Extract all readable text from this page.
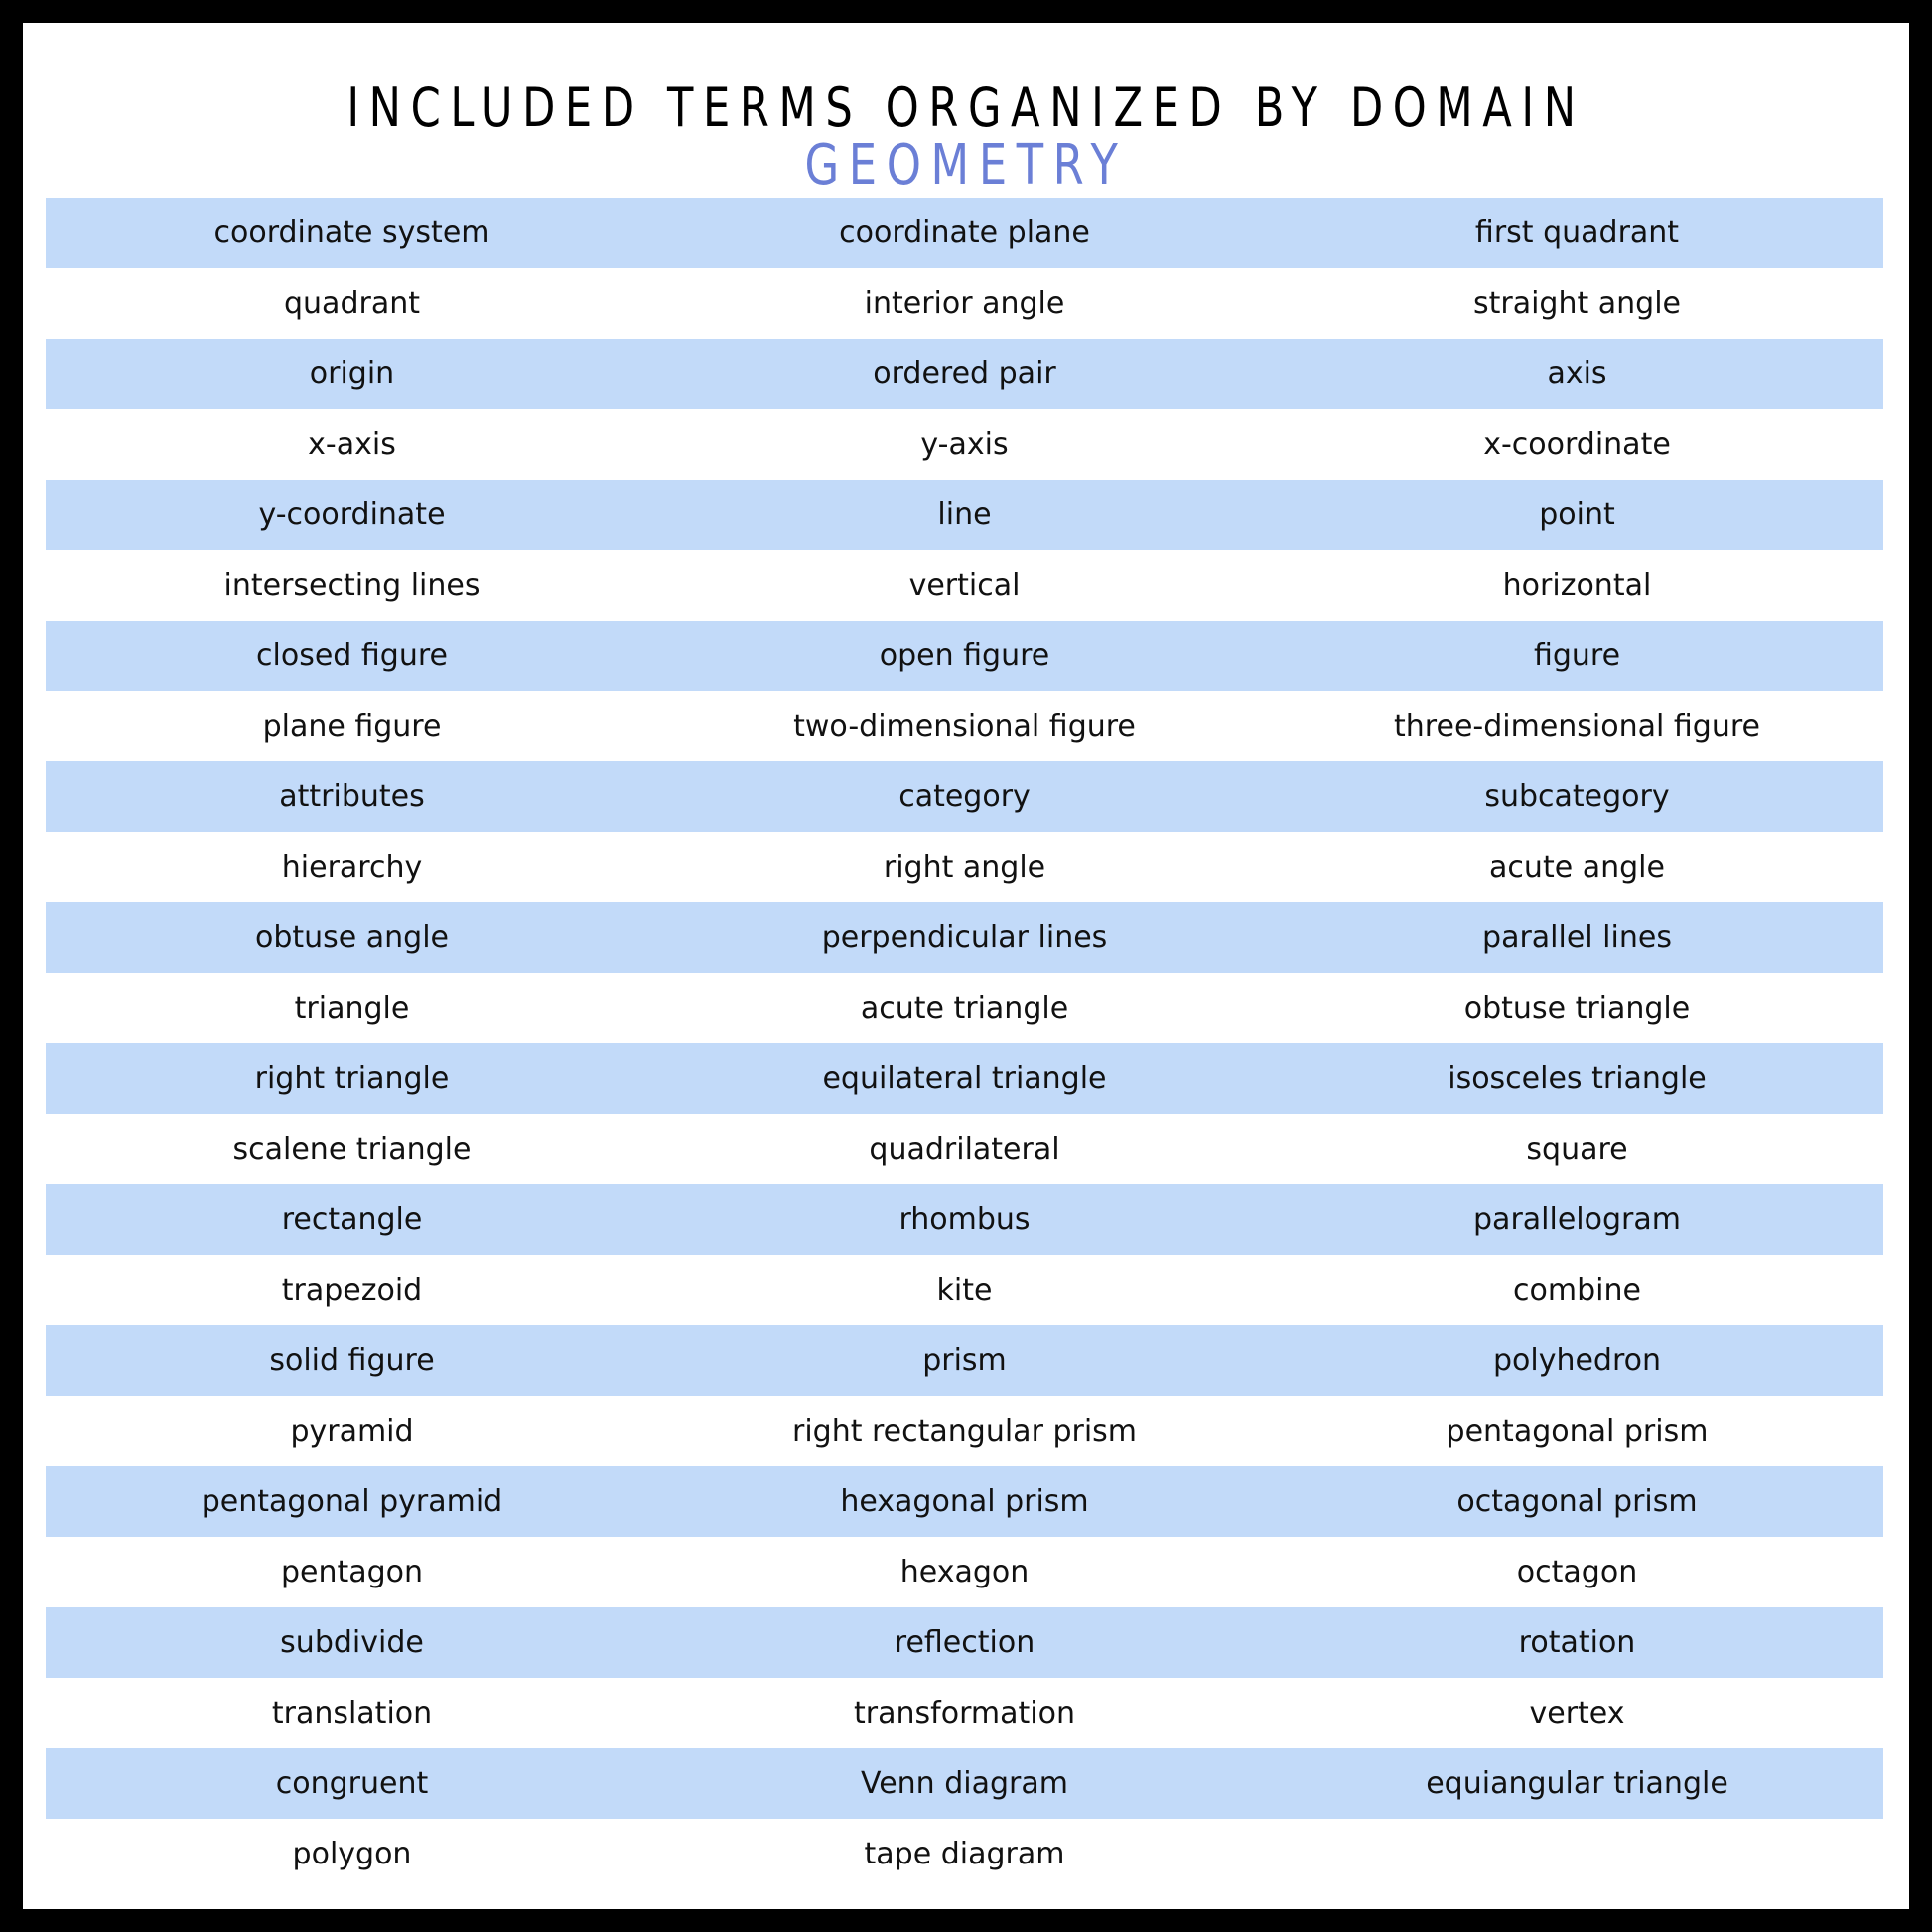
INCLUDED TERMS ORGANIZED BY DOMAIN
GEOMETRY
coordinate system	coordinate plane	first quadrant
quadrant	interior angle	straight angle
origin	ordered pair	axis
x-axis	y-axis	x-coordinate
y-coordinate	line	point
intersecting lines	vertical	horizontal
closed figure	open figure	figure
plane figure	two-dimensional figure	three-dimensional figure
attributes	category	subcategory
hierarchy	right angle	acute angle
obtuse angle	perpendicular lines	parallel lines
triangle	acute triangle	obtuse triangle
right triangle	equilateral triangle	isosceles triangle
scalene triangle	quadrilateral	square
rectangle	rhombus	parallelogram
trapezoid	kite	combine
solid figure	prism	polyhedron
pyramid	right rectangular prism	pentagonal prism
pentagonal pyramid	hexagonal prism	octagonal prism
pentagon	hexagon	octagon
subdivide	reflection	rotation
translation	transformation	vertex
congruent	Venn diagram	equiangular triangle
polygon	tape diagram
